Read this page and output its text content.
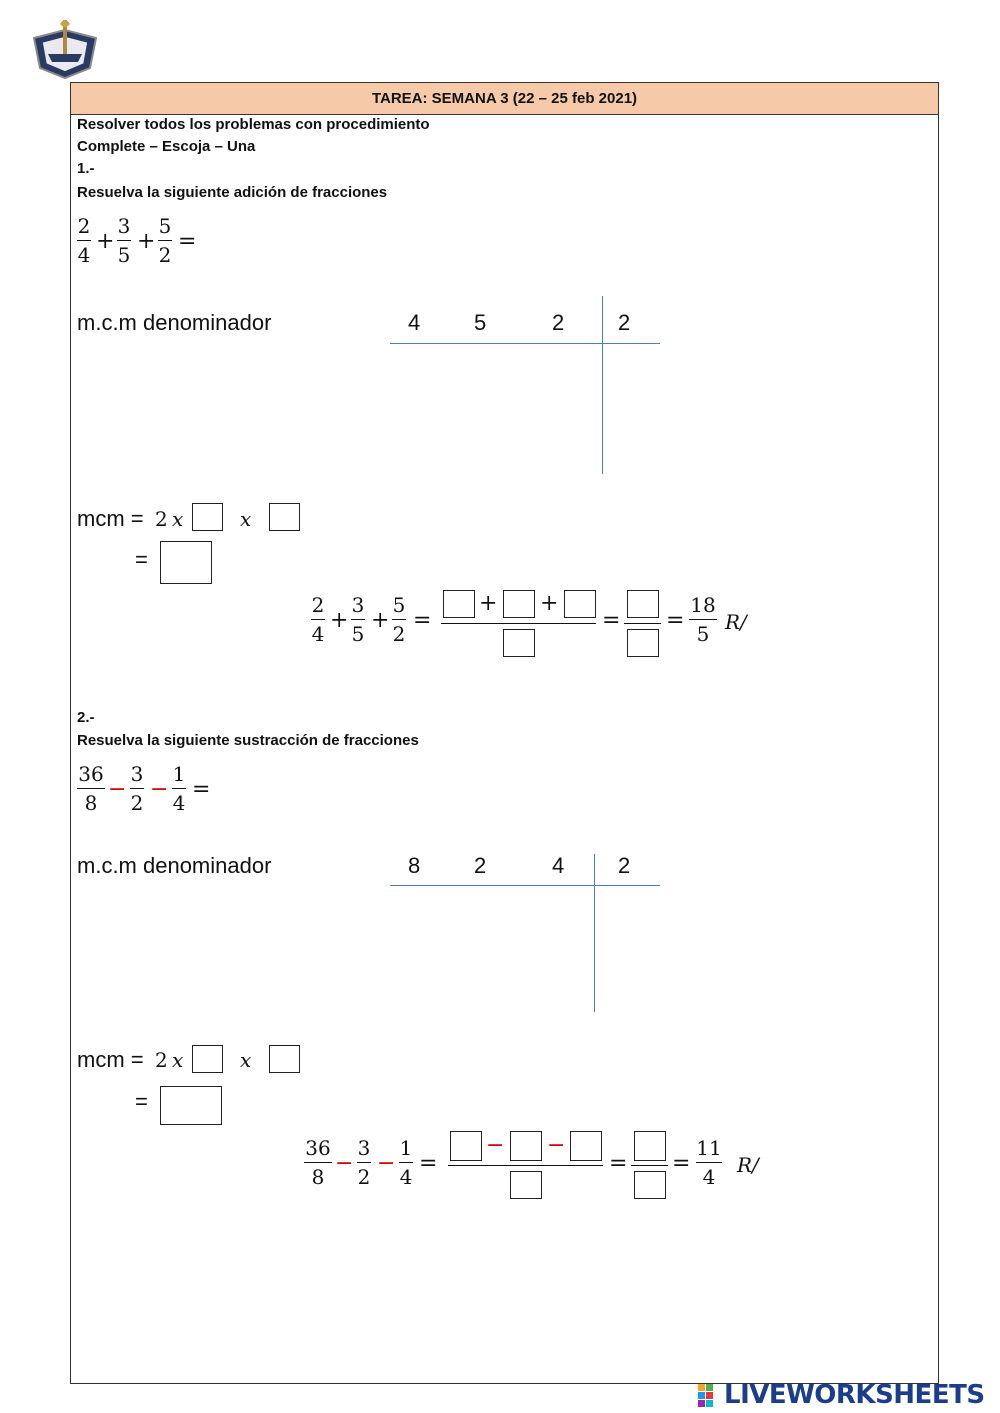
TAREA: SEMANA 3 (22 – 25 feb 2021)
Resolver todos los problemas con procedimiento
Complete – Escoja – Una
1.-
Resuelva la siguiente adición de fracciones
2
4
+
3
5
+
5
2
=
m.c.m denominador	4 5	2 2
mcm = 2 x	x
=
2
4
+
3
5
+
5
2
=
+ +
= =
18
5 R/
2.-
Resuelva la siguiente sustracción de fracciones
36
8
−
3
2
−
1
4
=
m.c.m denominador	8 2	4 2
mcm = 2 x	x
=
36
8
−
3
2
−
1
4
=
− −
= =
11
4	R/
LIVEWORKSHEETS
